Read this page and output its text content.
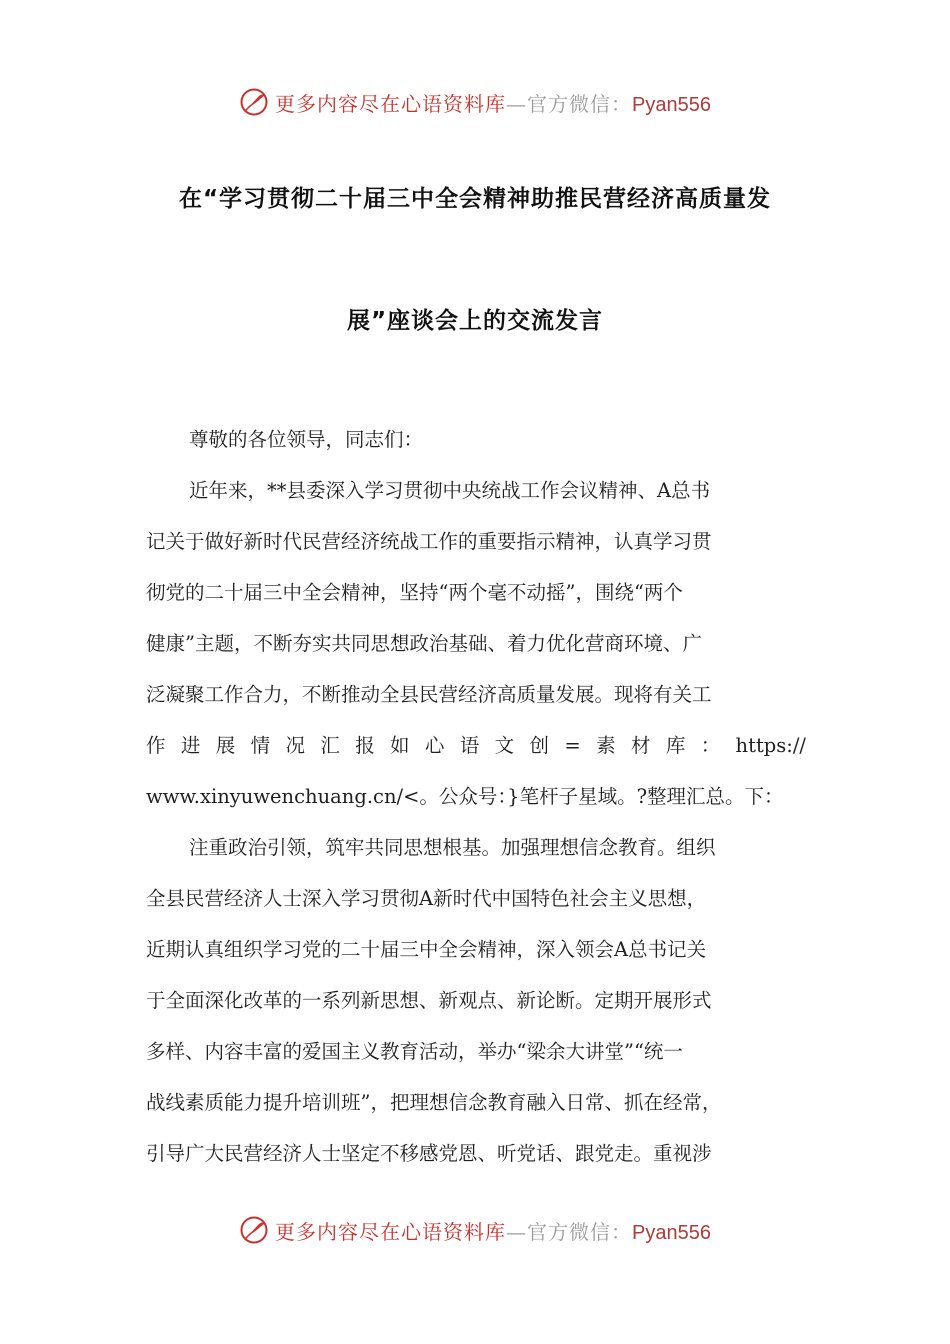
更多内容尽在心语资料库—官方微信：Pyan556
在“学习贯彻二十届三中全会精神助推民营经济高质量发
展”座谈会上的交流发言
尊敬的各位领导，同志们：
近年来，**县委深入学习贯彻中央统战工作会议精神、A总书
记关于做好新时代民营经济统战工作的重要指示精神，认真学习贯
彻党的二十届三中全会精神，坚持“两个毫不动摇”，围绕“两个
健康”主题，不断夯实共同思想政治基础、着力优化营商环境、广
泛凝聚工作合力，不断推动全县民营经济高质量发展。现将有关工
作进展情况汇报如心语文创=素材库：https://
www.xinyuwenchuang.cn/<。公众号：}笔杆子星域。?整理汇总。下：
注重政治引领，筑牢共同思想根基。加强理想信念教育。组织
全县民营经济人士深入学习贯彻A新时代中国特色社会主义思想，
近期认真组织学习党的二十届三中全会精神，深入领会A总书记关
于全面深化改革的一系列新思想、新观点、新论断。定期开展形式
多样、内容丰富的爱国主义教育活动，举办“梁余大讲堂”“统一
战线素质能力提升培训班”，把理想信念教育融入日常、抓在经常，
引导广大民营经济人士坚定不移感党恩、听党话、跟党走。重视涉
更多内容尽在心语资料库—官方微信：Pyan556
